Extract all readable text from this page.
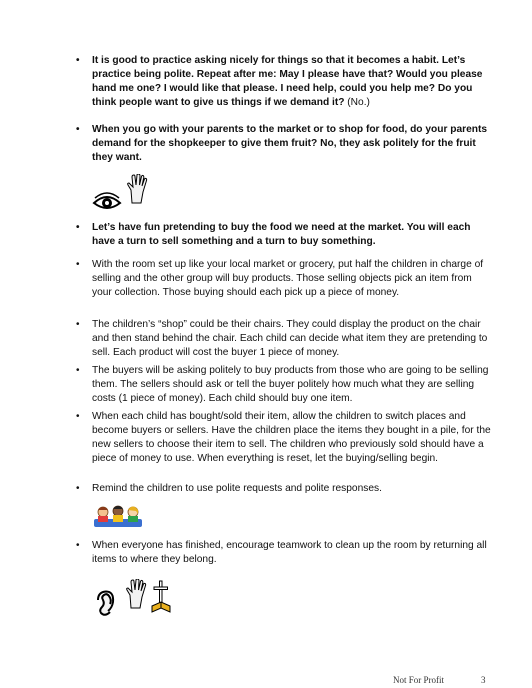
• It is good to practice asking nicely for things so that it becomes a habit. Let’s practice being polite. Repeat after me: May I please have that? Would you please hand me one? I would like that please. I need help, could you help me? Do you think people want to give us things if we demand it? (No.)
• When you go with your parents to the market or to shop for food, do your parents demand for the shopkeeper to give them fruit? No, they ask politely for the fruit they want.
• Let’s have fun pretending to buy the food we need at the market. You will each have a turn to sell something and a turn to buy something.
• With the room set up like your local market or grocery, put half the children in charge of selling and the other group will buy products. Those selling objects pick an item from your collection. Those buying should each pick up a piece of money.
• The children’s “shop” could be their chairs. They could display the product on the chair and then stand behind the chair. Each child can decide what item they are pretending to sell. Each product will cost the buyer 1 piece of money.
• The buyers will be asking politely to buy products from those who are going to be selling them. The sellers should ask or tell the buyer politely how much what they are selling costs (1 piece of money). Each child should buy one item.
• When each child has bought/sold their item, allow the children to switch places and become buyers or sellers. Have the children place the items they bought in a pile, for the new sellers to choose their item to sell. The children who previously sold should have a piece of money to use. When everything is reset, let the buying/selling begin.
• Remind the children to use polite requests and polite responses.
• When everyone has finished, encourage teamwork to clean up the room by returning all items to where they belong.
Not For Profit	3
